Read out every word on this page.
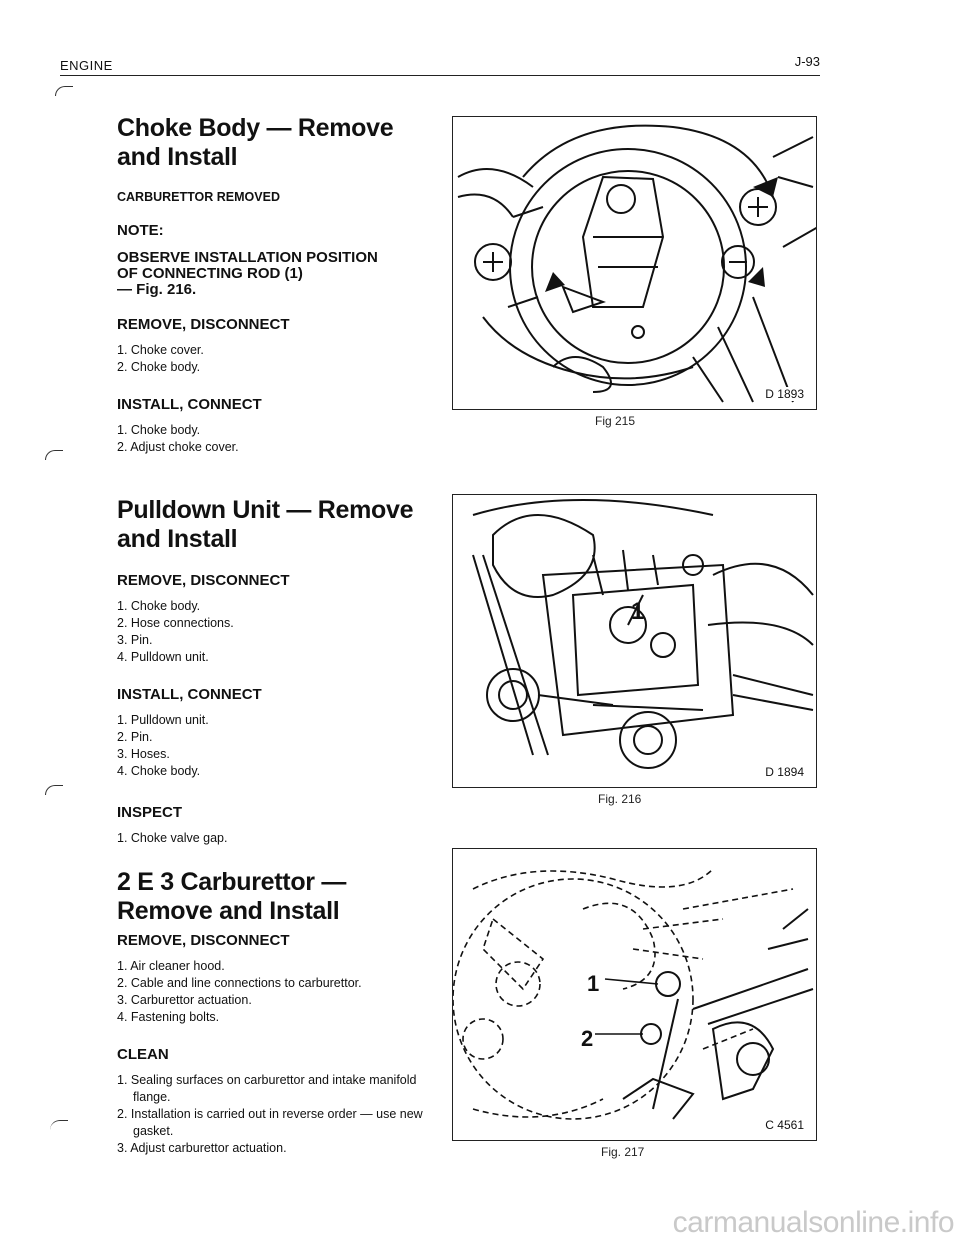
ENGINE	J-93
Choke Body — Remove
and Install
CARBURETTOR REMOVED
NOTE:
OBSERVE INSTALLATION POSITION
OF CONNECTING ROD (1)
— Fig. 216.
REMOVE, DISCONNECT
1. Choke cover.
2. Choke body.
INSTALL, CONNECT
1. Choke body.
2. Adjust choke cover.
Pulldown Unit — Remove
and Install
REMOVE, DISCONNECT
1. Choke body.
2. Hose connections.
3. Pin.
4. Pulldown unit.
INSTALL, CONNECT
1. Pulldown unit.
2. Pin.
3. Hoses.
4. Choke body.
INSPECT
1. Choke valve gap.
2 E 3 Carburettor —
Remove and Install
REMOVE, DISCONNECT
1. Air cleaner hood.
2. Cable and line connections to carburettor.
3. Carburettor actuation.
4. Fastening bolts.
CLEAN
1. Sealing surfaces on carburettor and intake manifold flange.
2. Installation is carried out in reverse order — use new gasket.
3. Adjust carburettor actuation.
D 1893
Fig 215
1
D 1894
Fig. 216
1
2
C 4561
Fig. 217
carmanualsonline.info
